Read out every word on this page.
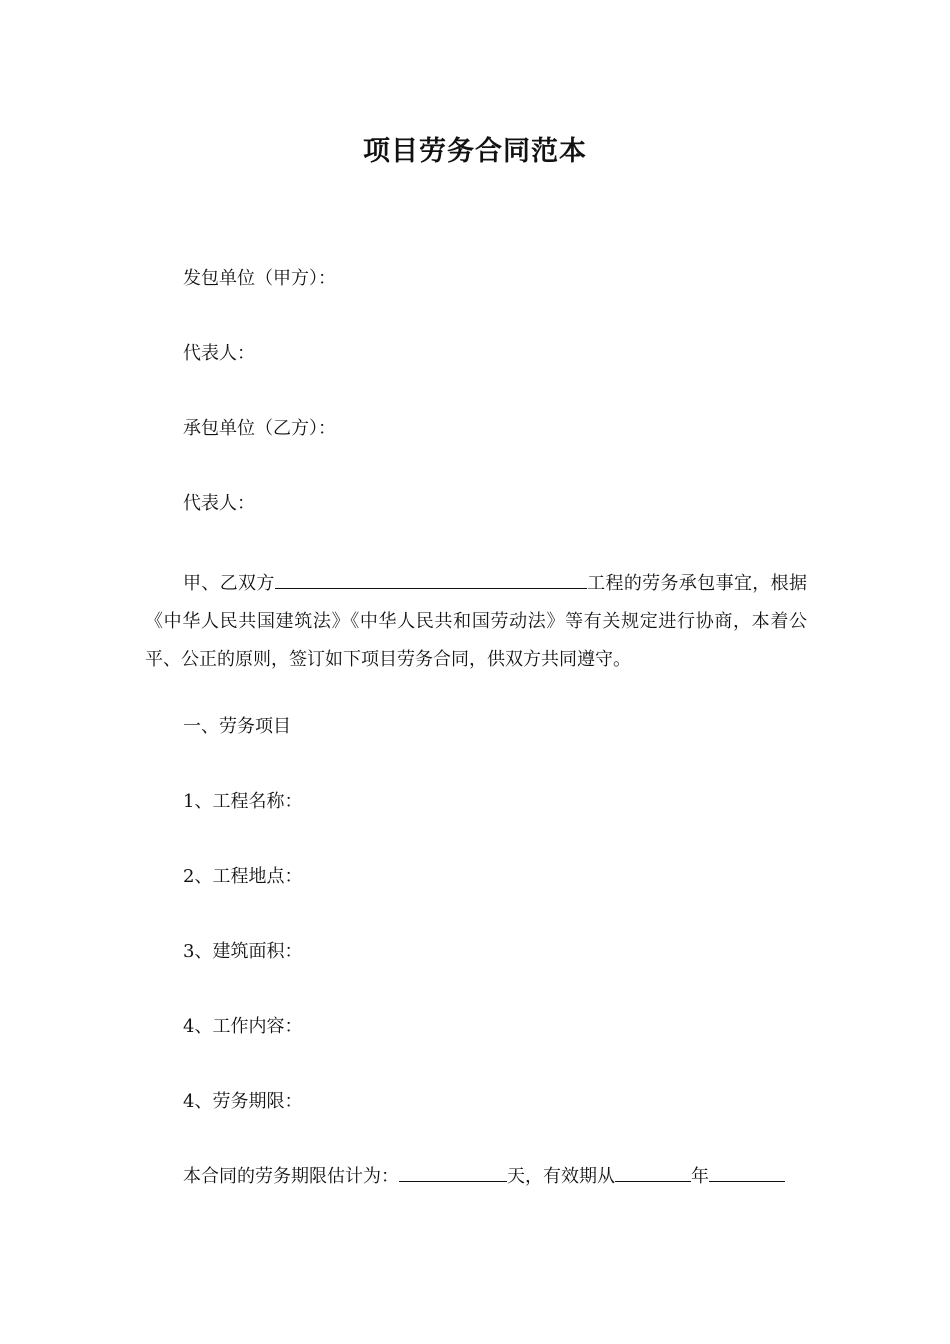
项目劳务合同范本

发包单位（甲方）：

代表人：

承包单位（乙方）：

代表人：

甲、乙双方	工程的劳务承包事宜，根据《中华人民共国建筑法》《中华人民共和国劳动法》等有关规定进行协商，本着公平、公正的原则，签订如下项目劳务合同，供双方共同遵守。

一、劳务项目

1、工程名称：

2、工程地点：

3、建筑面积：

4、工作内容：

4、劳务期限：

本合同的劳务期限估计为：	天，有效期从	年
